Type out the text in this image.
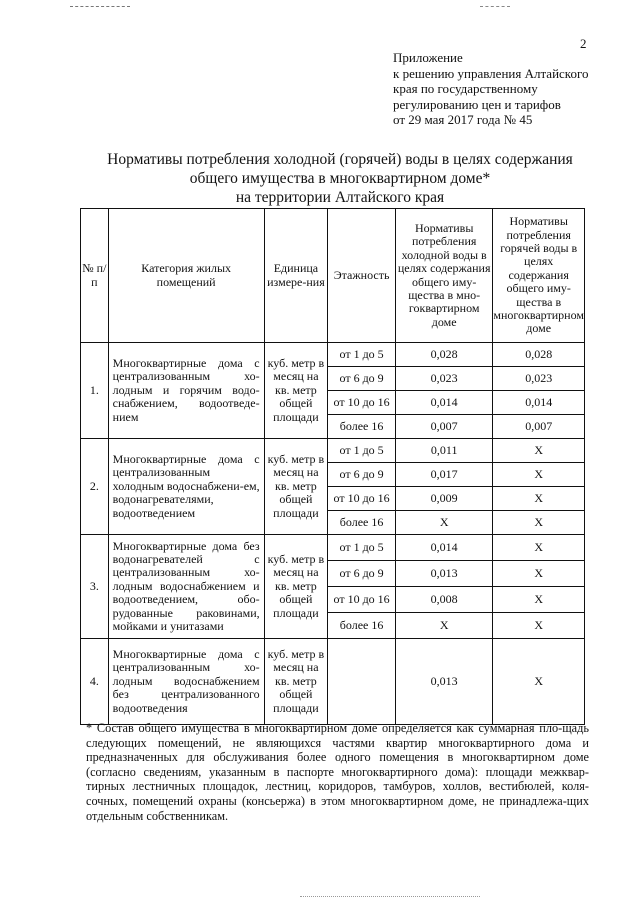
2
Приложение
к решению управления Алтайского
края по государственному
регулированию цен и тарифов
от 29 мая 2017 года № 45
Нормативы потребления холодной (горячей) воды в целях содержания
общего имущества в многоквартирном доме*
на территории Алтайского края
№ п/п	Категория жилых помещений	Единица измере-ния	Этажность	Нормативы потребления холодной воды в целях содержания общего иму-щества в мно-гоквартирном доме	Нормативы потребления горячей воды в целях содержания общего иму-щества в многоквартирном доме
1.	Многоквартирные дома с централизованным хо-лодным и горячим водо-снабжением, водоотведе-нием	куб. метр в месяц на кв. метр общей площади	от 1 до 5	0,028	0,028
			от 6 до 9	0,023	0,023
			от 10 до 16	0,014	0,014
			более 16	0,007	0,007
2.	Многоквартирные дома с централизованным холодным водоснабжени-ем, водонагревателями, водоотведением	куб. метр в месяц на кв. метр общей площади	от 1 до 5	0,011	X
			от 6 до 9	0,017	X
			от 10 до 16	0,009	X
			более 16	X	X
3.	Многоквартирные дома без водонагревателей с централизованным хо-лодным водоснабжением и водоотведением, обо-рудованные раковинами, мойками и унитазами	куб. метр в месяц на кв. метр общей площади	от 1 до 5	0,014	X
			от 6 до 9	0,013	X
			от 10 до 16	0,008	X
			более 16	X	X
4.	Многоквартирные дома с централизованным хо-лодным водоснабжением без централизованного водоотведения	куб. метр в месяц на кв. метр общей площади		0,013	X
* Состав общего имущества в многоквартирном доме определяется как суммарная пло-щадь следующих помещений, не являющихся частями квартир многоквартирного дома и предназначенных для обслуживания более одного помещения в многоквартирном доме (согласно сведениям, указанным в паспорте многоквартирного дома): площади межквар-тирных лестничных площадок, лестниц, коридоров, тамбуров, холлов, вестибюлей, коля-сочных, помещений охраны (консьержа) в этом многоквартирном доме, не принадлежа-щих отдельным собственникам.
